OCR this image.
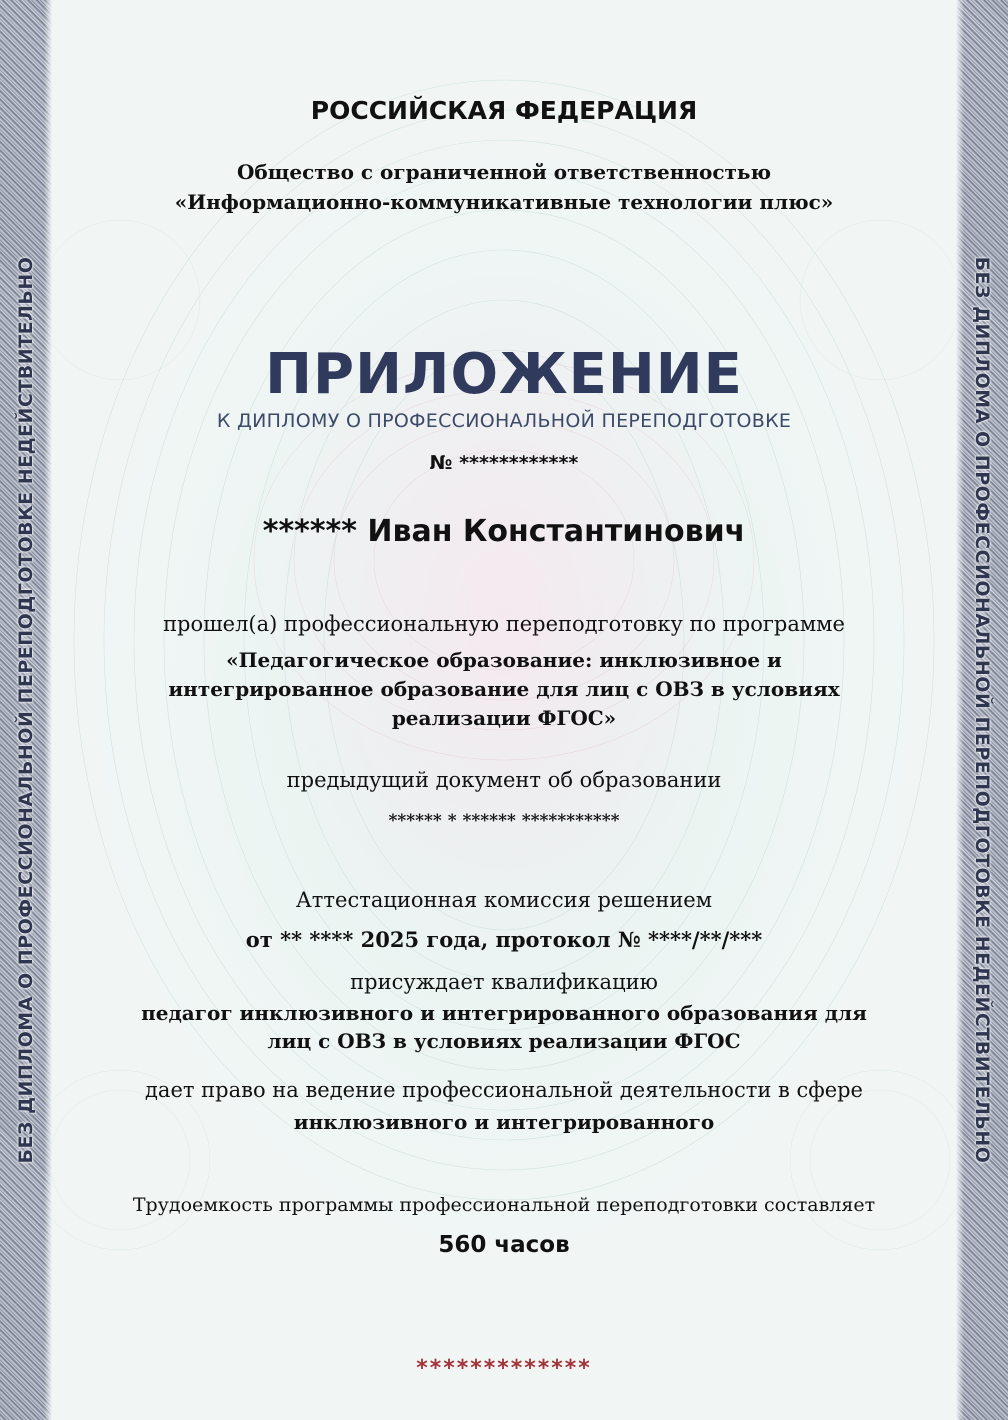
БЕЗ ДИПЛОМА О ПРОФЕССИОНАЛЬНОЙ ПЕРЕПОДГОТОВКЕ НЕДЕЙСТВИТЕЛЬНО	БЕЗ ДИПЛОМА О ПРОФЕССИОНАЛЬНОЙ ПЕРЕПОДГОТОВКЕ НЕДЕЙСТВИТЕЛЬНО
РОССИЙСКАЯ ФЕДЕРАЦИЯ
Общество с ограниченной ответственностью
«Информационно-коммуникативные технологии плюс»
ПРИЛОЖЕНИЕ
К ДИПЛОМУ О ПРОФЕССИОНАЛЬНОЙ ПЕРЕПОДГОТОВКЕ
№ ************
****** Иван Константинович
прошел(а) профессиональную переподготовку по программе
«Педагогическое образование: инклюзивное и
интегрированное образование для лиц с ОВЗ в условиях
реализации ФГОС»
предыдущий документ об образовании
****** * ****** ***********
Аттестационная комиссия решением
от ** **** 2025 года, протокол № ****/**/***
присуждает квалификацию
педагог инклюзивного и интегрированного образования для
лиц с ОВЗ в условиях реализации ФГОС
дает право на ведение профессиональной деятельности в сфере
инклюзивного и интегрированного
Трудоемкость программы профессиональной переподготовки составляет
560 часов
*************
